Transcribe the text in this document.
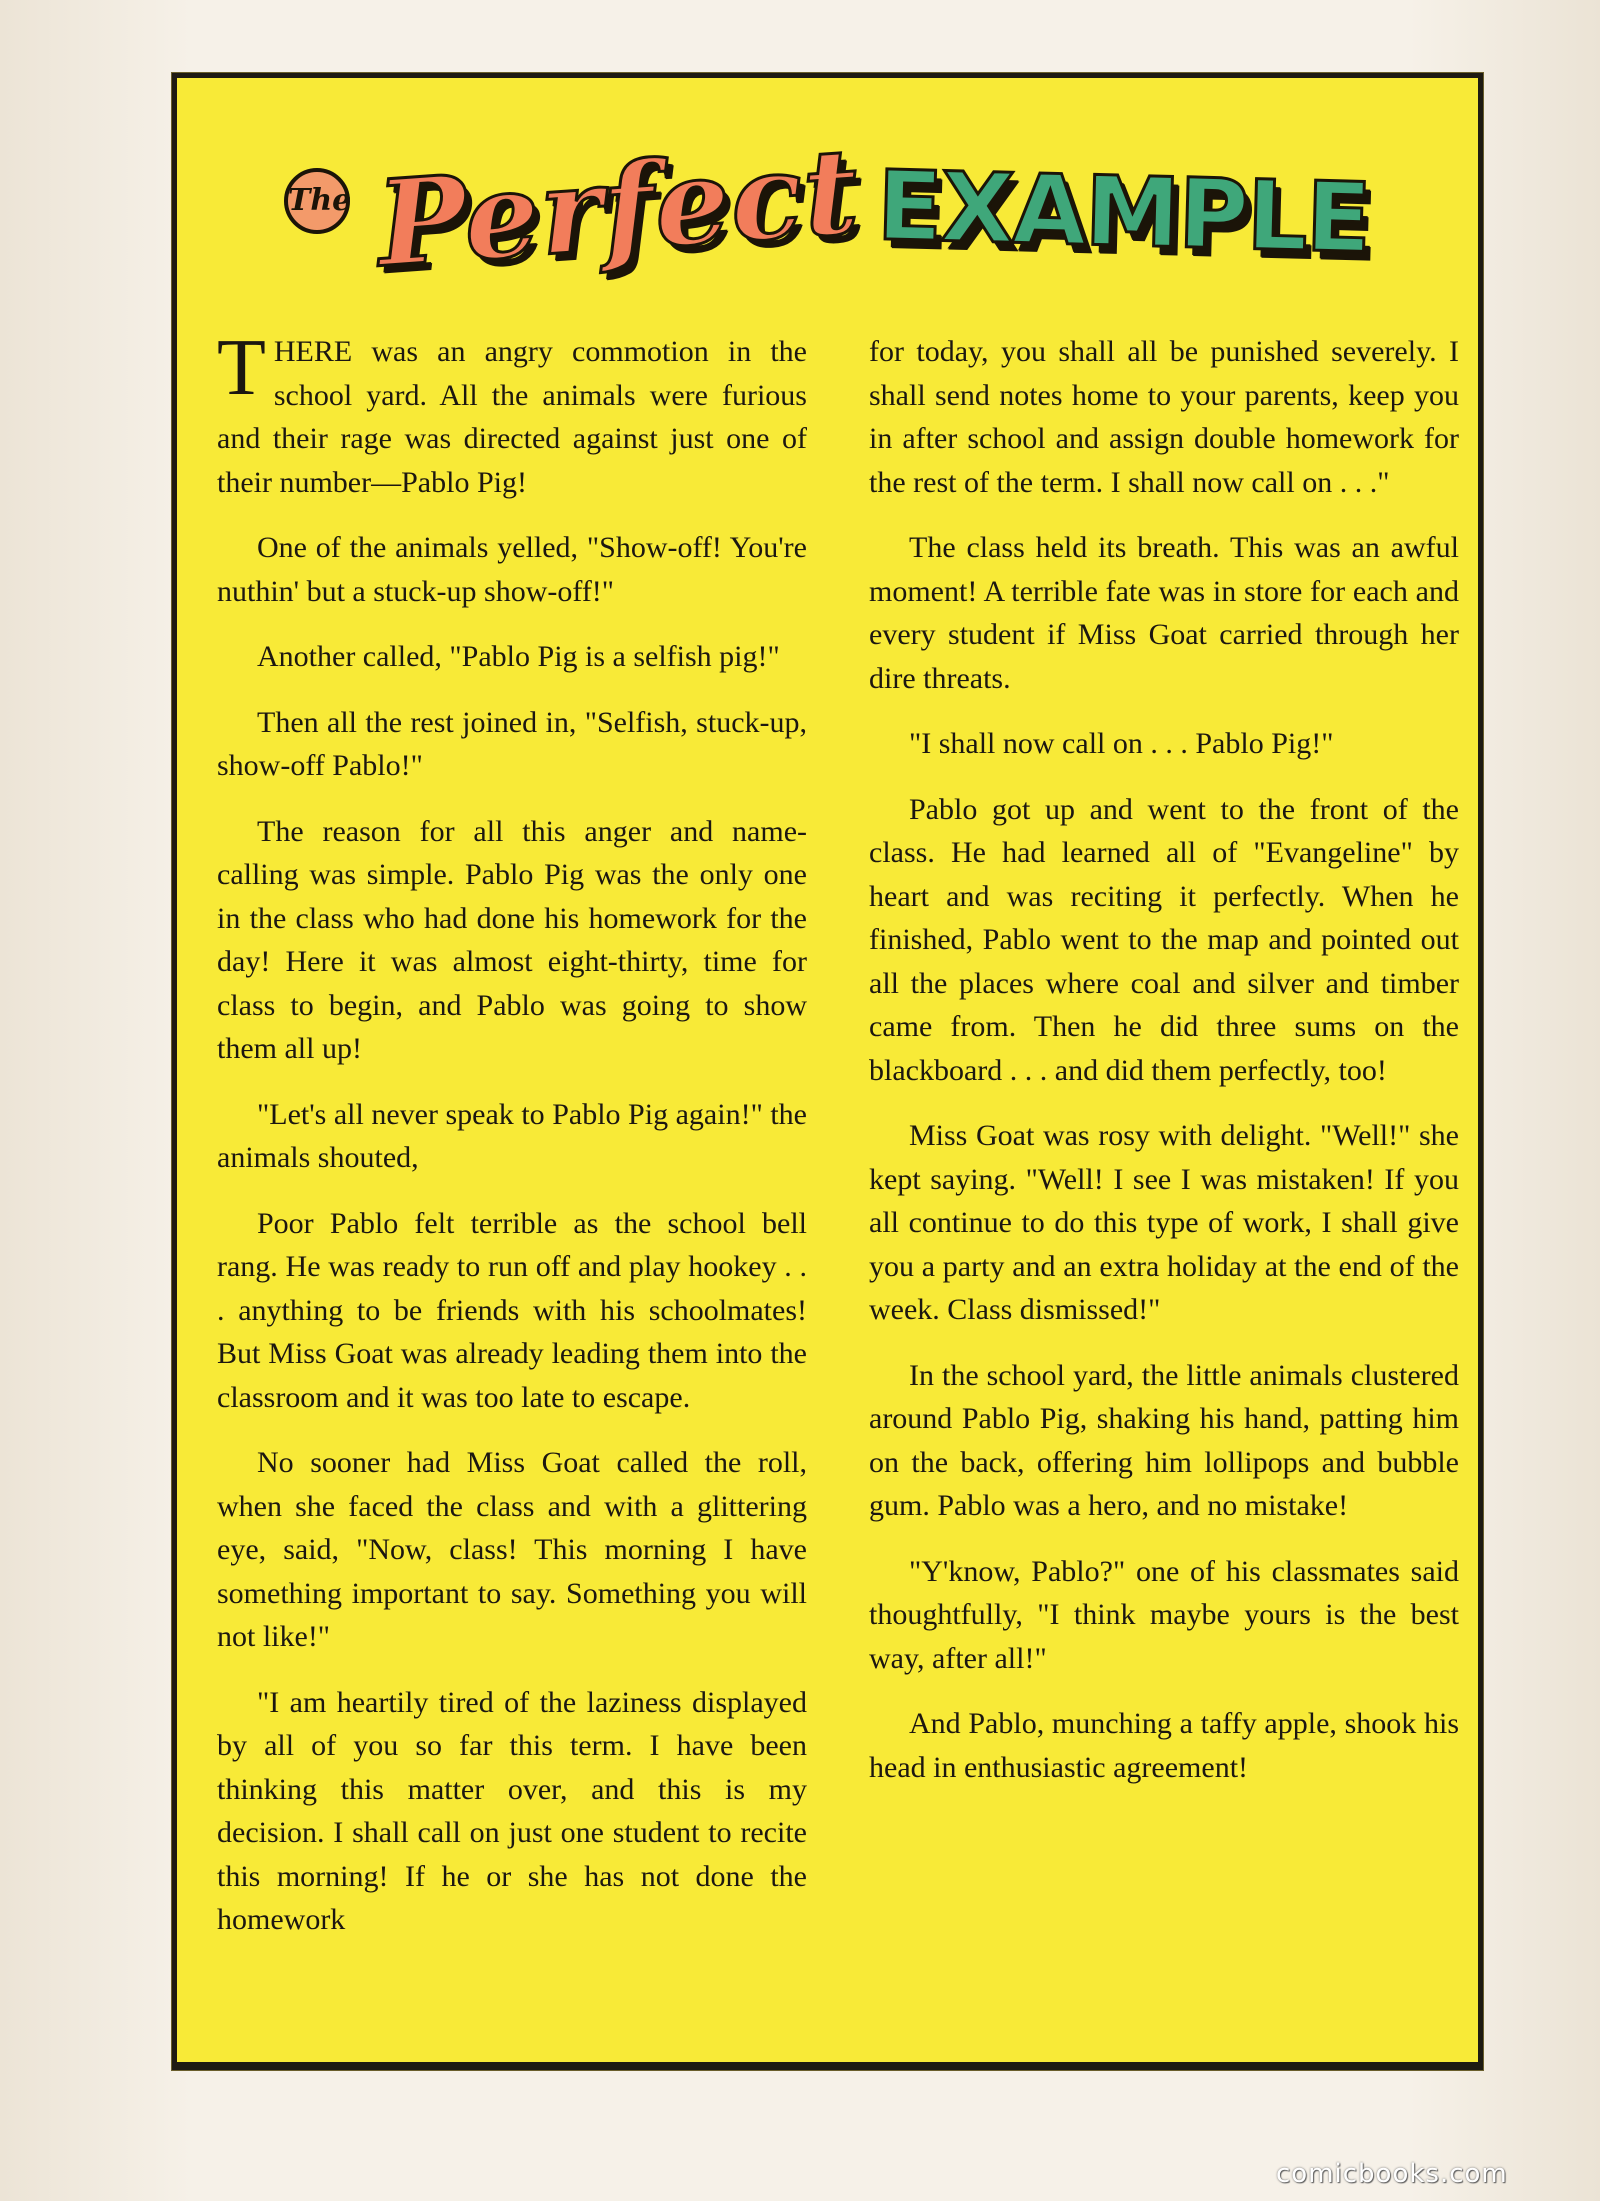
The Perfect EXAMPLE

THERE was an angry commotion in the school yard. All the animals were furious and their rage was directed against just one of their number—Pablo Pig!

One of the animals yelled, "Show-off! You're nuthin' but a stuck-up show-off!"

Another called, "Pablo Pig is a selfish pig!"

Then all the rest joined in, "Selfish, stuck-up, show-off Pablo!"

The reason for all this anger and name-calling was simple. Pablo Pig was the only one in the class who had done his homework for the day! Here it was almost eight-thirty, time for class to begin, and Pablo was going to show them all up!

"Let's all never speak to Pablo Pig again!" the animals shouted,

Poor Pablo felt terrible as the school bell rang. He was ready to run off and play hookey . . . anything to be friends with his schoolmates! But Miss Goat was already leading them into the classroom and it was too late to escape.

No sooner had Miss Goat called the roll, when she faced the class and with a glittering eye, said, "Now, class! This morning I have something important to say. Something you will not like!"

"I am heartily tired of the laziness displayed by all of you so far this term. I have been thinking this matter over, and this is my decision. I shall call on just one student to recite this morning! If he or she has not done the homework

for today, you shall all be punished severely. I shall send notes home to your parents, keep you in after school and assign double homework for the rest of the term. I shall now call on . . ."

The class held its breath. This was an awful moment! A terrible fate was in store for each and every student if Miss Goat carried through her dire threats.

"I shall now call on . . . Pablo Pig!"

Pablo got up and went to the front of the class. He had learned all of "Evangeline" by heart and was reciting it perfectly. When he finished, Pablo went to the map and pointed out all the places where coal and silver and timber came from. Then he did three sums on the blackboard . . . and did them perfectly, too!

Miss Goat was rosy with delight. "Well!" she kept saying. "Well! I see I was mistaken! If you all continue to do this type of work, I shall give you a party and an extra holiday at the end of the week. Class dismissed!"

In the school yard, the little animals clustered around Pablo Pig, shaking his hand, patting him on the back, offering him lollipops and bubble gum. Pablo was a hero, and no mistake!

"Y'know, Pablo?" one of his classmates said thoughtfully, "I think maybe yours is the best way, after all!"

And Pablo, munching a taffy apple, shook his head in enthusiastic agreement!

comicbooks.com
